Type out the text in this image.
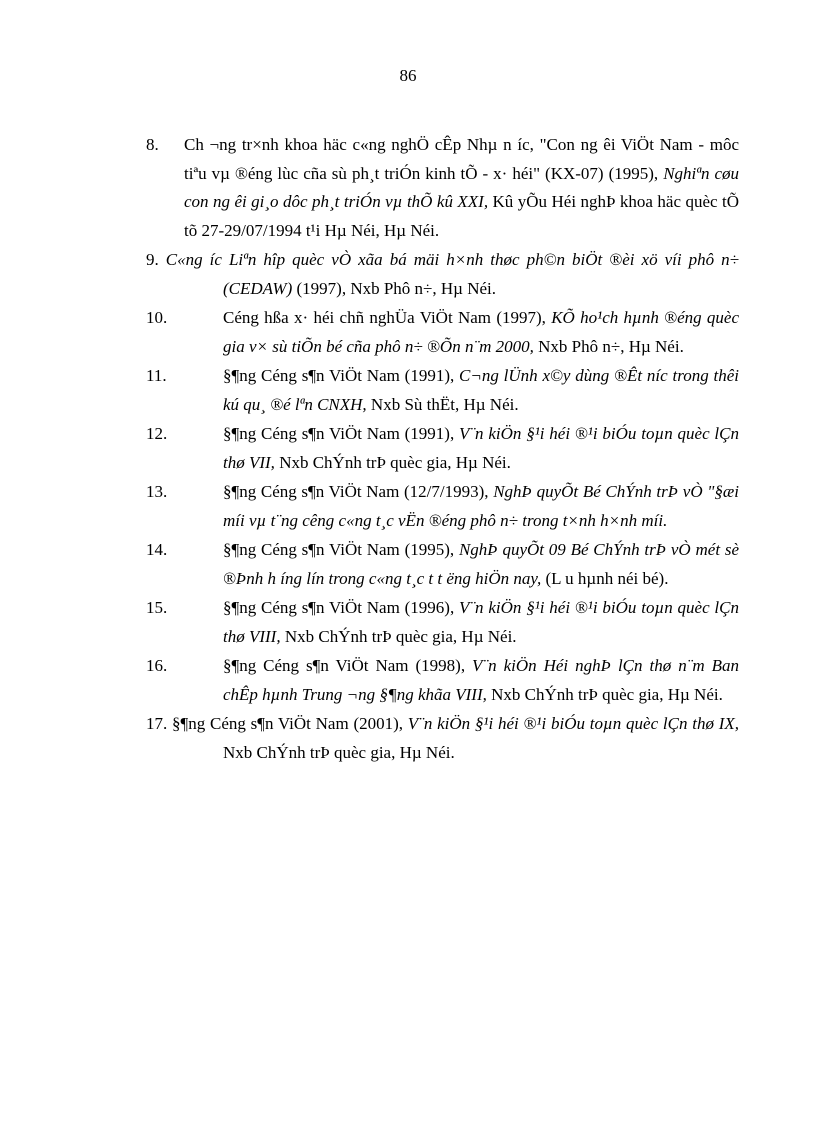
86
8. Ch ¬ng tr×nh khoa häc c«ng nghÖ cÊp Nhµ n íc, "Con ng êi ViÖt Nam - môc tiªu vµ ®éng lùc cña sù ph¸t triÓn kinh tÕ - x· héi" (KX-07) (1995), Nghiªn cøu con ng êi gi¸o dôc ph¸t triÓn vµ thÕ kû XXI, Kû yÕu Héi nghÞ khoa häc quèc tÕ tõ 27-29/07/1994 t¹i Hµ Néi, Hµ Néi.
9. C«ng íc Liªn hîp quèc vÒ xãa bá mäi h×nh thøc ph©n biÖt ®èi xö víi phô n÷ (CEDAW) (1997), Nxb Phô n÷, Hµ Néi.
10.	Céng hßa x· héi chñ nghÜa ViÖt Nam (1997), KÕ ho¹ch hµnh ®éng quèc gia v× sù tiÕn bé cña phô n÷ ®Õn n¨m 2000, Nxb Phô n÷, Hµ Néi.
11.	§¶ng Céng s¶n ViÖt Nam (1991), C¬ng lÜnh x©y dùng ®Êt níc trong thêi kú qu¸ ®é lªn CNXH, Nxb Sù thËt, Hµ Néi.
12.	§¶ng Céng s¶n ViÖt Nam (1991), V¨n kiÖn §¹i héi ®¹i biÓu toµn quèc lÇn thø VII, Nxb ChÝnh trÞ quèc gia, Hµ Néi.
13.	§¶ng Céng s¶n ViÖt Nam (12/7/1993), NghÞ quyÕt Bé ChÝnh trÞ vÒ "§æi míi vµ t¨ng cêng c«ng t¸c vËn ®éng phô n÷ trong t×nh h×nh míi.
14.	§¶ng Céng s¶n ViÖt Nam (1995), NghÞ quyÕt 09 Bé ChÝnh trÞ vÒ mét sè ®Þnh h íng lín trong c«ng t¸c t t ëng hiÖn nay, (L u hµnh néi bé).
15.	§¶ng Céng s¶n ViÖt Nam (1996), V¨n kiÖn §¹i héi ®¹i biÓu toµn quèc lÇn thø VIII, Nxb ChÝnh trÞ quèc gia, Hµ Néi.
16.	§¶ng Céng s¶n ViÖt Nam (1998), V¨n kiÖn Héi nghÞ lÇn thø n¨m Ban chÊp hµnh Trung ¬ng §¶ng khãa VIII, Nxb ChÝnh trÞ quèc gia, Hµ Néi.
17. §¶ng Céng s¶n ViÖt Nam (2001), V¨n kiÖn §¹i héi ®¹i biÓu toµn quèc lÇn thø IX, Nxb ChÝnh trÞ quèc gia, Hµ Néi.
